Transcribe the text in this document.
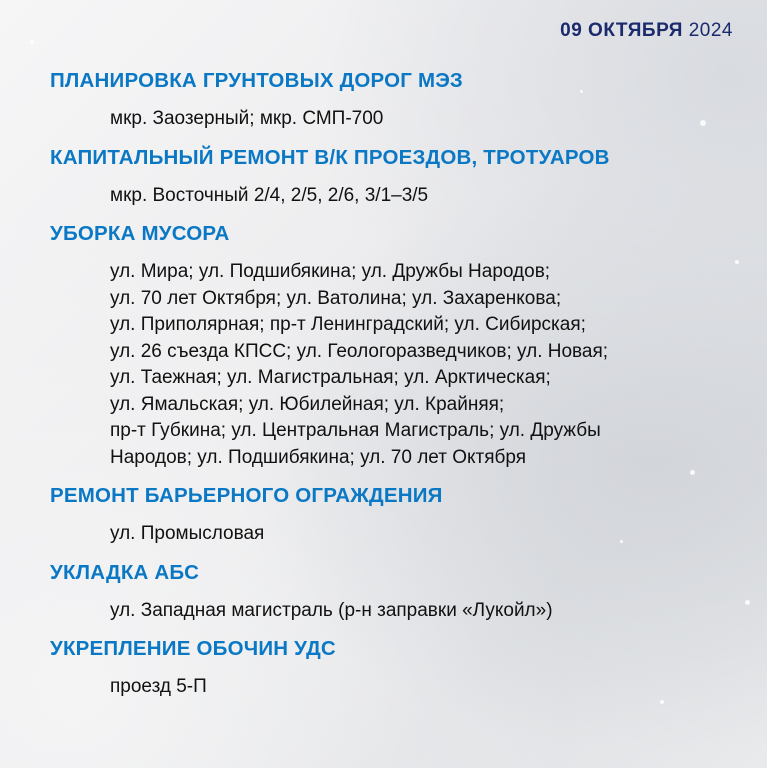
09 ОКТЯБРЯ 2024
ПЛАНИРОВКА ГРУНТОВЫХ ДОРОГ МЭЗ
мкр. Заозерный; мкр. СМП-700
КАПИТАЛЬНЫЙ РЕМОНТ В/К ПРОЕЗДОВ, ТРОТУАРОВ
мкр. Восточный 2/4, 2/5, 2/6, 3/1–3/5
УБОРКА МУСОРА
ул. Мира; ул. Подшибякина; ул. Дружбы Народов;
ул. 70 лет Октября; ул. Ватолина; ул. Захаренкова;
ул. Приполярная; пр-т Ленинградский; ул. Сибирская;
ул. 26 съезда КПСС; ул. Геологоразведчиков; ул. Новая;
ул. Таежная; ул. Магистральная; ул. Арктическая;
ул. Ямальская; ул. Юбилейная; ул. Крайняя;
пр-т Губкина; ул. Центральная Магистраль; ул. Дружбы
Народов; ул. Подшибякина; ул. 70 лет Октября
РЕМОНТ БАРЬЕРНОГО ОГРАЖДЕНИЯ
ул. Промысловая
УКЛАДКА АБС
ул. Западная магистраль (р-н заправки «Лукойл»)
УКРЕПЛЕНИЕ ОБОЧИН УДС
проезд 5-П
